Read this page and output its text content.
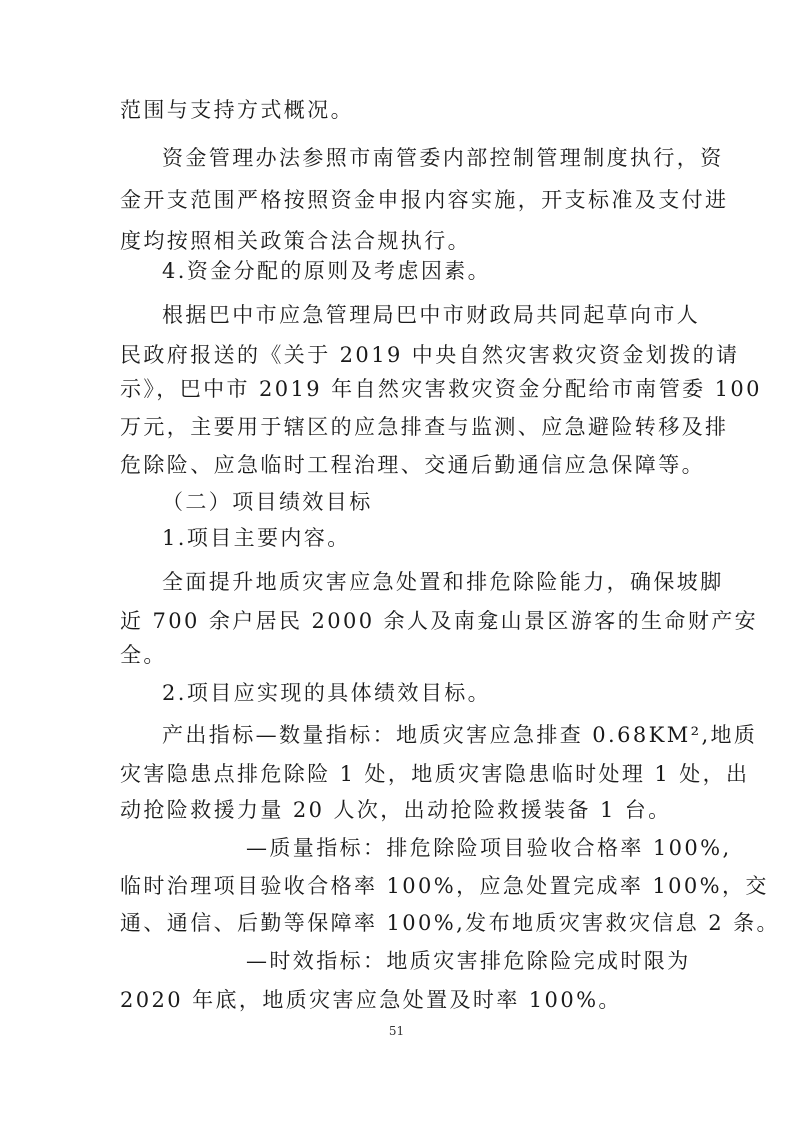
范围与支持方式概况。
资金管理办法参照市南管委内部控制管理制度执行，资
金开支范围严格按照资金申报内容实施，开支标准及支付进
度均按照相关政策合法合规执行。
4.资金分配的原则及考虑因素。
根据巴中市应急管理局巴中市财政局共同起草向市人
民政府报送的《关于 2019 中央自然灾害救灾资金划拨的请
示》，巴中市 2019 年自然灾害救灾资金分配给市南管委 100
万元，主要用于辖区的应急排查与监测、应急避险转移及排
危除险、应急临时工程治理、交通后勤通信应急保障等。
（二）项目绩效目标
1.项目主要内容。
全面提升地质灾害应急处置和排危除险能力，确保坡脚
近 700 余户居民 2000 余人及南龛山景区游客的生命财产安
全。
2.项目应实现的具体绩效目标。
产出指标—数量指标：地质灾害应急排查 0.68KM²,地质
灾害隐患点排危除险 1 处，地质灾害隐患临时处理 1 处，出
动抢险救援力量 20 人次，出动抢险救援装备 1 台。
—质量指标：排危除险项目验收合格率 100%,
临时治理项目验收合格率 100%，应急处置完成率 100%，交
通、通信、后勤等保障率 100%,发布地质灾害救灾信息 2 条。
—时效指标：地质灾害排危除险完成时限为
2020 年底，地质灾害应急处置及时率 100%。
51
